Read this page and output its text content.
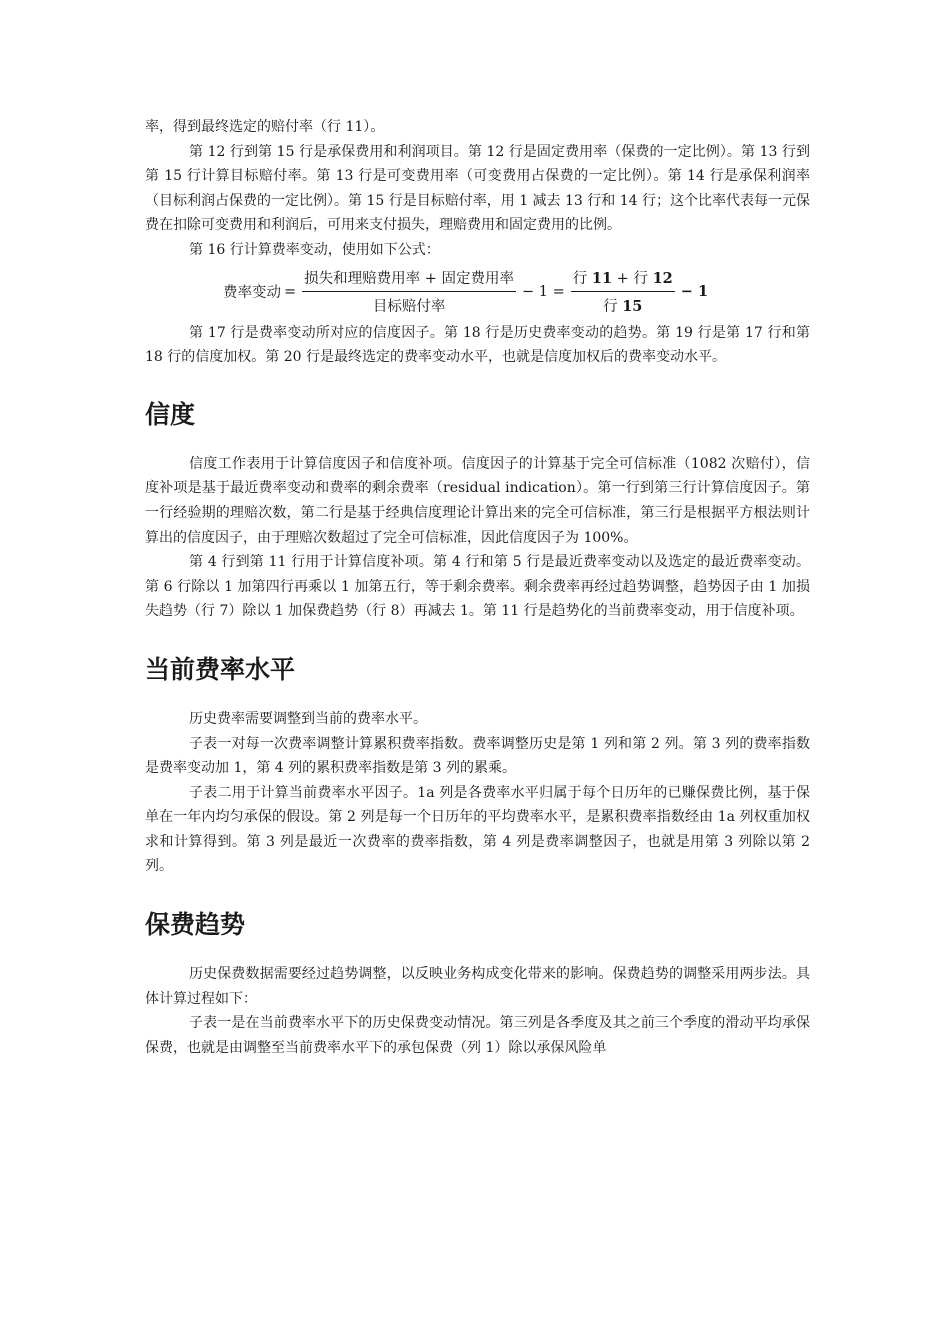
率，得到最终选定的赔付率（行 11）。

第 12 行到第 15 行是承保费用和利润项目。第 12 行是固定费用率（保费的一定比例）。第 13 行到第 15 行计算目标赔付率。第 13 行是可变费用率（可变费用占保费的一定比例）。第 14 行是承保利润率（目标利润占保费的一定比例）。第 15 行是目标赔付率，用 1 减去 13 行和 14 行；这个比率代表每一元保费在扣除可变费用和利润后，可用来支付损失，理赔费用和固定费用的比例。

第 16 行计算费率变动，使用如下公式：

费率变动 = $\frac{\text{损失和理赔费用率 + 固定费用率}}{\text{目标赔付率}} - 1 = \frac{\text{行 11 + 行 12}}{\text{行 15}} - 1$

第 17 行是费率变动所对应的信度因子。第 18 行是历史费率变动的趋势。第 19 行是第 17 行和第 18 行的信度加权。第 20 行是最终选定的费率变动水平，也就是信度加权后的费率变动水平。

信度

信度工作表用于计算信度因子和信度补项。信度因子的计算基于完全可信标准（1082 次赔付），信度补项是基于最近费率变动和费率的剩余费率（residual indication）。第一行到第三行计算信度因子。第一行经验期的理赔次数，第二行是基于经典信度理论计算出来的完全可信标准，第三行是根据平方根法则计算出的信度因子，由于理赔次数超过了完全可信标准，因此信度因子为 100%。

第 4 行到第 11 行用于计算信度补项。第 4 行和第 5 行是最近费率变动以及选定的最近费率变动。第 6 行除以 1 加第四行再乘以 1 加第五行，等于剩余费率。剩余费率再经过趋势调整，趋势因子由 1 加损失趋势（行 7）除以 1 加保费趋势（行 8）再减去 1。第 11 行是趋势化的当前费率变动，用于信度补项。

当前费率水平

历史费率需要调整到当前的费率水平。

子表一对每一次费率调整计算累积费率指数。费率调整历史是第 1 列和第 2 列。第 3 列的费率指数是费率变动加 1，第 4 列的累积费率指数是第 3 列的累乘。

子表二用于计算当前费率水平因子。1a 列是各费率水平归属于每个日历年的已赚保费比例，基于保单在一年内均匀承保的假设。第 2 列是每一个日历年的平均费率水平，是累积费率指数经由 1a 列权重加权求和计算得到。第 3 列是最近一次费率的费率指数，第 4 列是费率调整因子，也就是用第 3 列除以第 2 列。

保费趋势

历史保费数据需要经过趋势调整，以反映业务构成变化带来的影响。保费趋势的调整采用两步法。具体计算过程如下：

子表一是在当前费率水平下的历史保费变动情况。第三列是各季度及其之前三个季度的滑动平均承保保费，也就是由调整至当前费率水平下的承包保费（列 1）除以承保风险单
